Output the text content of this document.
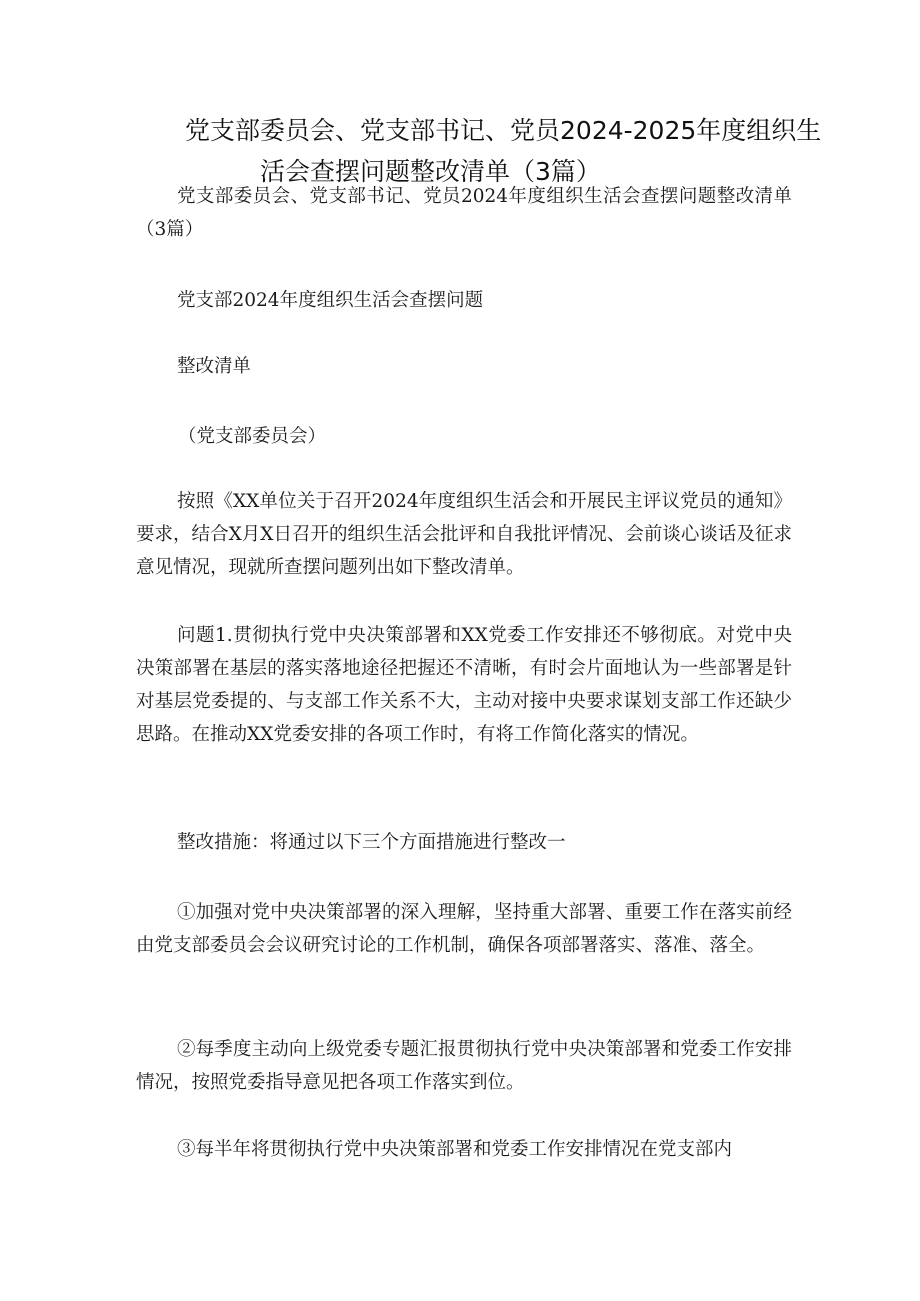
党支部委员会、党支部书记、党员2024-2025年度组织生
活会查摆问题整改清单（3篇）

党支部委员会、党支部书记、党员2024年度组织生活会查摆问题整改清单（3篇）

党支部2024年度组织生活会查摆问题

整改清单

（党支部委员会）

按照《XX单位关于召开2024年度组织生活会和开展民主评议党员的通知》要求，结合X月X日召开的组织生活会批评和自我批评情况、会前谈心谈话及征求意见情况，现就所查摆问题列出如下整改清单。

问题1.贯彻执行党中央决策部署和XX党委工作安排还不够彻底。对党中央决策部署在基层的落实落地途径把握还不清晰，有时会片面地认为一些部署是针对基层党委提的、与支部工作关系不大，主动对接中央要求谋划支部工作还缺少思路。在推动XX党委安排的各项工作时，有将工作简化落实的情况。

整改措施：将通过以下三个方面措施进行整改一

①加强对党中央决策部署的深入理解，坚持重大部署、重要工作在落实前经由党支部委员会会议研究讨论的工作机制，确保各项部署落实、落准、落全。

②每季度主动向上级党委专题汇报贯彻执行党中央决策部署和党委工作安排情况，按照党委指导意见把各项工作落实到位。

③每半年将贯彻执行党中央决策部署和党委工作安排情况在党支部内
